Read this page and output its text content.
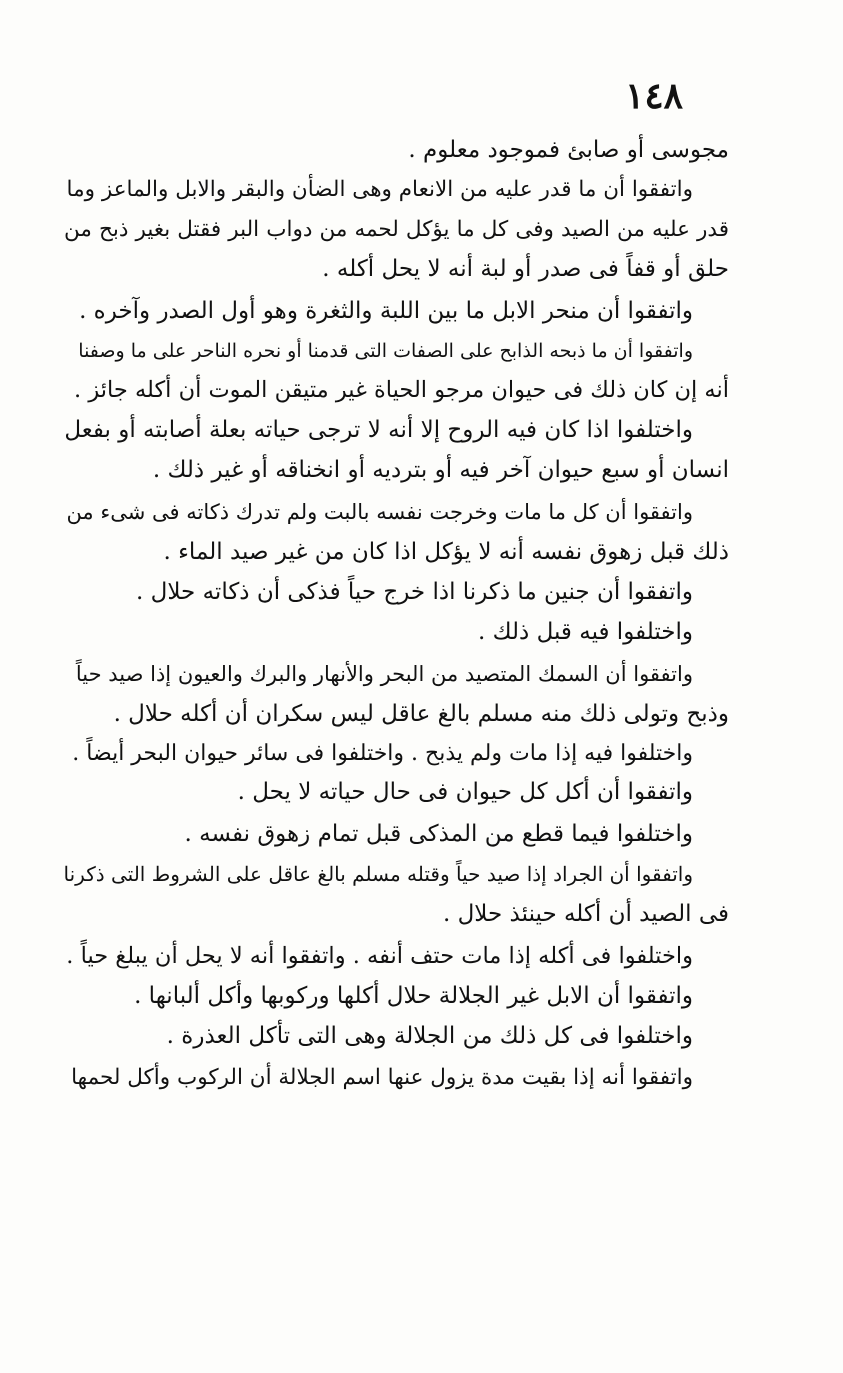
١٤٨
مجوسى أو صابئ فموجود معلوم .
واتفقوا أن ما قدر عليه من الانعام وهى الضأن والبقر والابل والماعز وما
قدر عليه من الصيد وفى كل ما يؤكل لحمه من دواب البر فقتل بغير ذبح من
حلق أو قفاً فى صدر أو لبة أنه لا يحل أكله .
واتفقوا أن منحر الابل ما بين اللبة والثغرة وهو أول الصدر وآخره .
واتفقوا أن ما ذبحه الذابح على الصفات التى قدمنا أو نحره الناحر على ما وصفنا
أنه إن كان ذلك فى حيوان مرجو الحياة غير متيقن الموت أن أكله جائز .
واختلفوا اذا كان فيه الروح إلا أنه لا ترجى حياته بعلة أصابته أو بفعل
انسان أو سبع حيوان آخر فيه أو بترديه أو انخناقه أو غير ذلك .
واتفقوا أن كل ما مات وخرجت نفسه بالبت ولم تدرك ذكاته فى شىء من
ذلك قبل زهوق نفسه أنه لا يؤكل اذا كان من غير صيد الماء .
واتفقوا أن جنين ما ذكرنا اذا خرج حياً فذكى أن ذكاته حلال .
واختلفوا فيه قبل ذلك .
واتفقوا أن السمك المتصيد من البحر والأنهار والبرك والعيون إذا صيد حياً
وذبح وتولى ذلك منه مسلم بالغ عاقل ليس سكران أن أكله حلال .
واختلفوا فيه إذا مات ولم يذبح . واختلفوا فى سائر حيوان البحر أيضاً .
واتفقوا أن أكل كل حيوان فى حال حياته لا يحل .
واختلفوا فيما قطع من المذكى قبل تمام زهوق نفسه .
واتفقوا أن الجراد إذا صيد حياً وقتله مسلم بالغ عاقل على الشروط التى ذكرنا
فى الصيد أن أكله حينئذ حلال .
واختلفوا فى أكله إذا مات حتف أنفه . واتفقوا أنه لا يحل أن يبلغ حياً .
واتفقوا أن الابل غير الجلالة حلال أكلها وركوبها وأكل ألبانها .
واختلفوا فى كل ذلك من الجلالة وهى التى تأكل العذرة .
واتفقوا أنه إذا بقيت مدة يزول عنها اسم الجلالة أن الركوب وأكل لحمها
